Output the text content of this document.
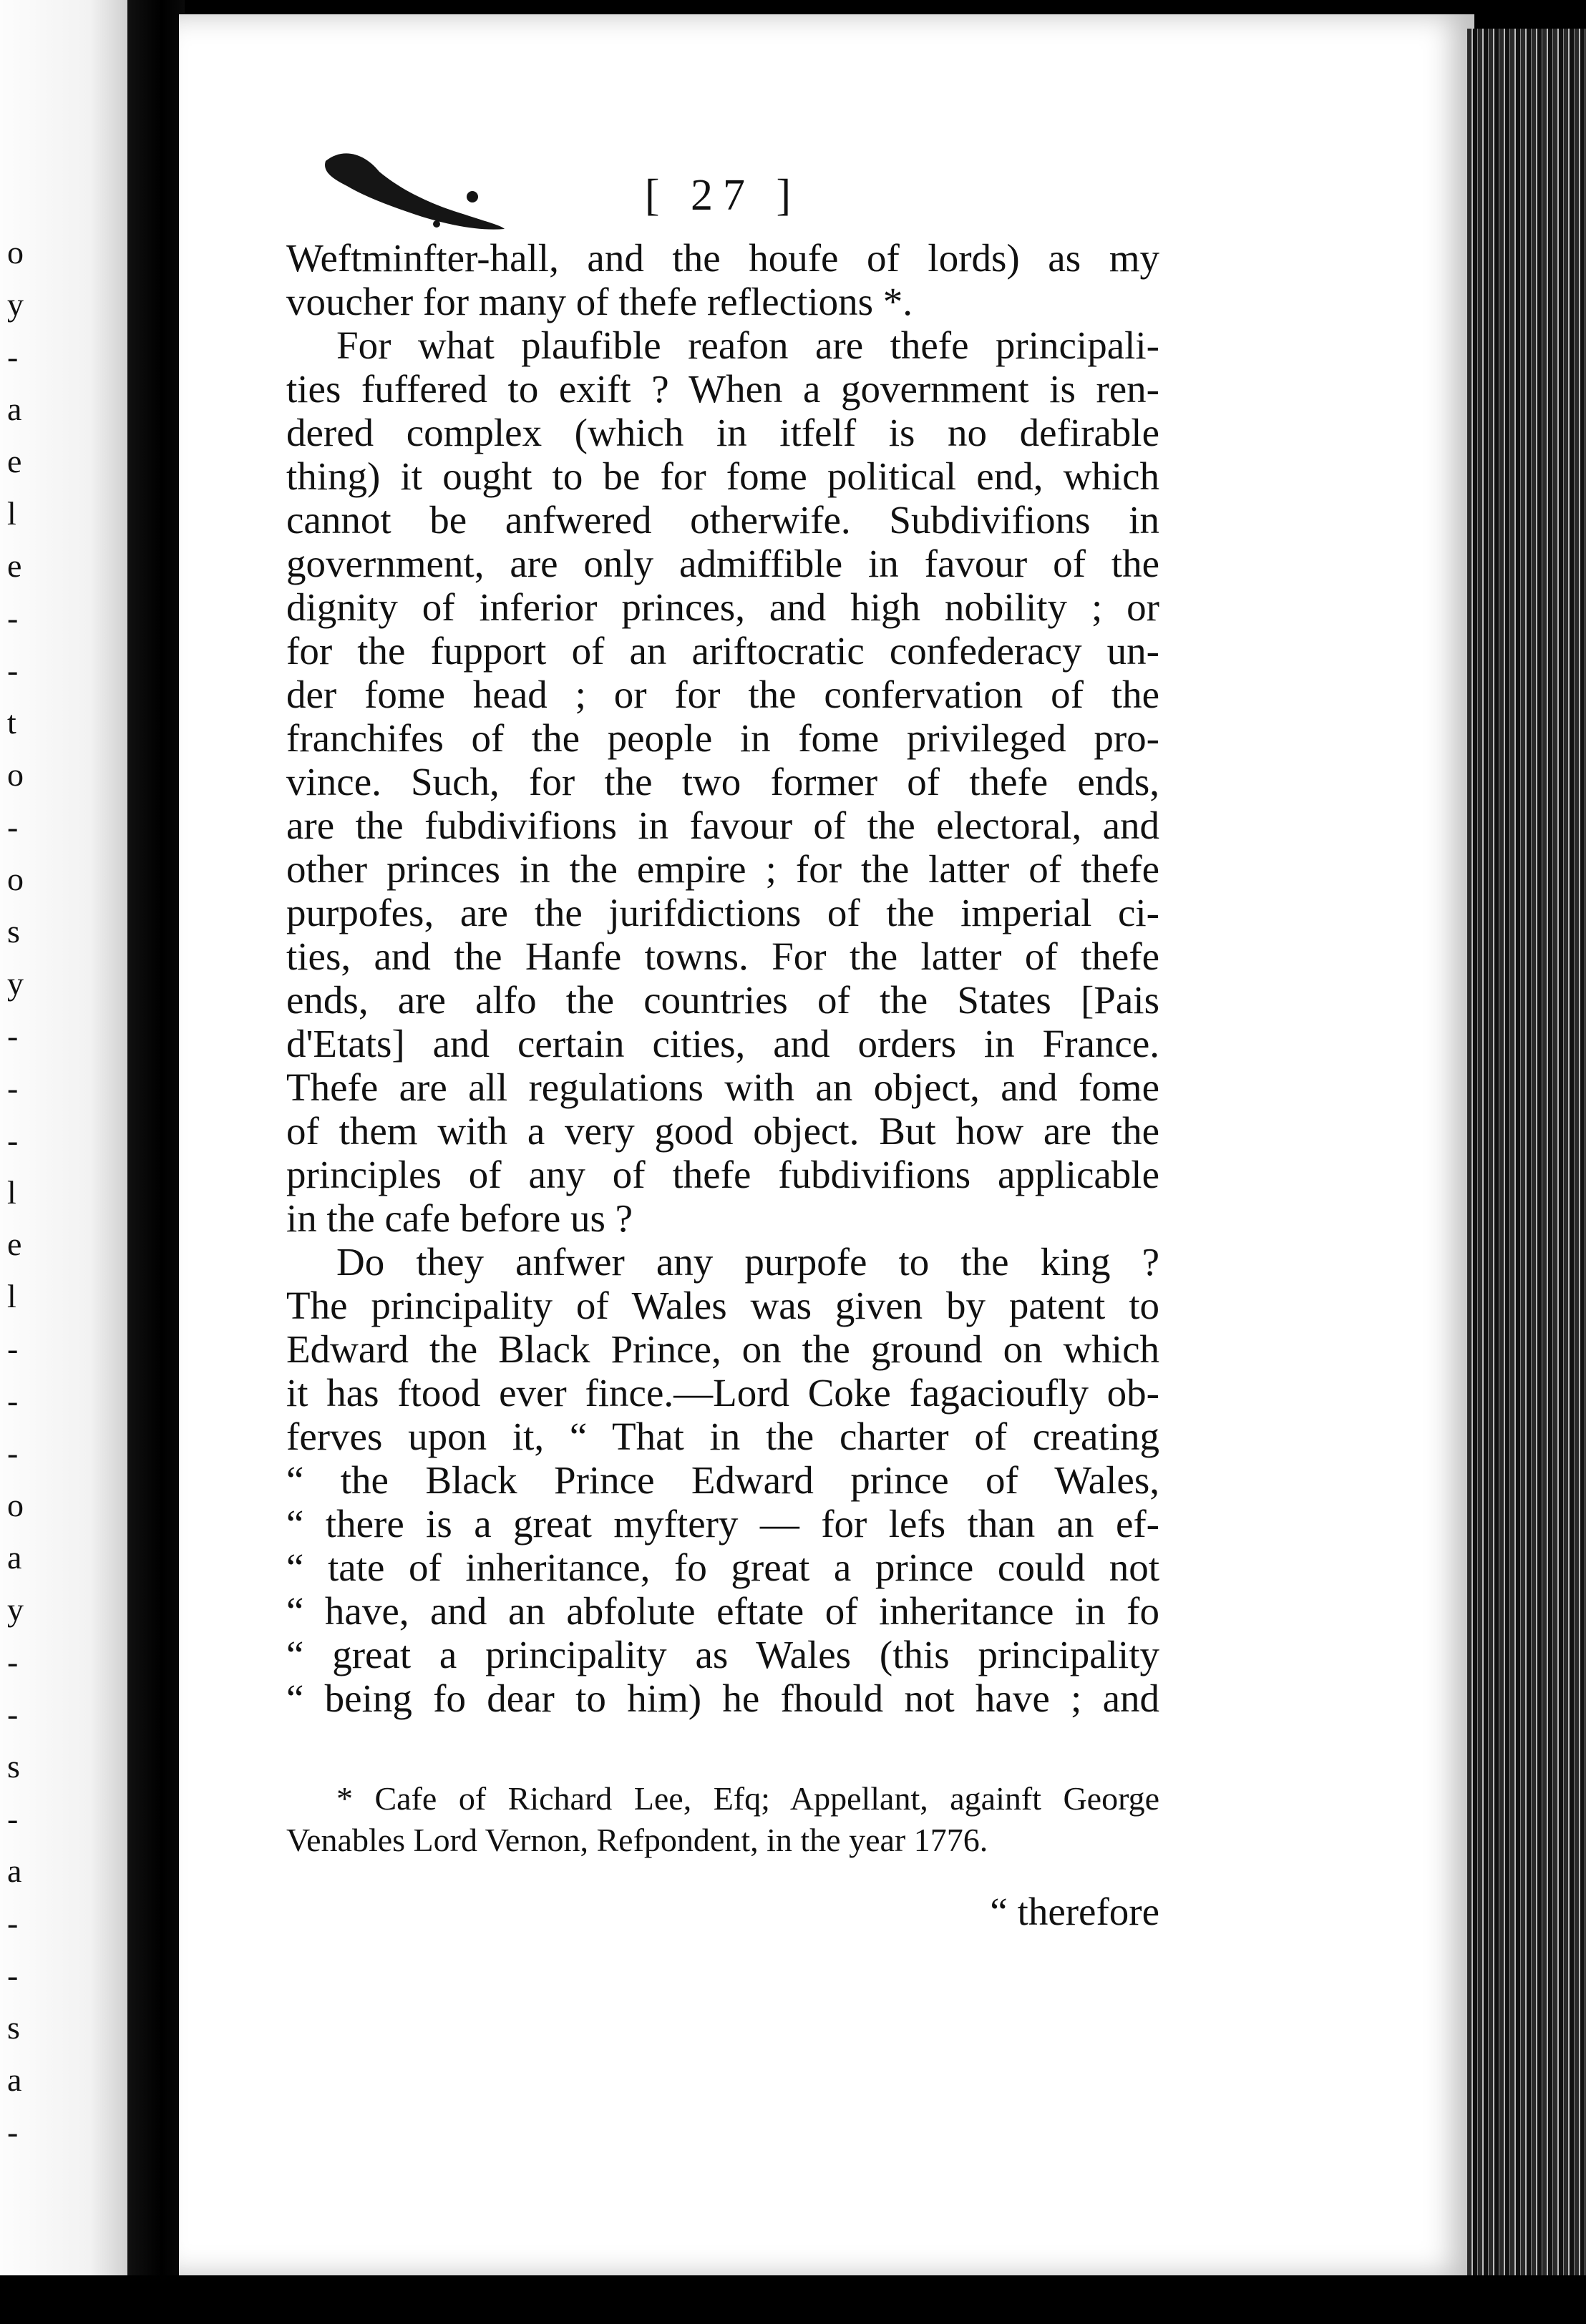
o
y
-
a
e
l
e
-
-
t
o
-
o
s
y
-
-
-
l
e
l
-
-
-
o
a
y
-
-
s
-
a
-
-
s
a
-
[ 27 ]
Weftminfter-hall, and the houfe of lords) as my
voucher for many of thefe reflections *.
For what plaufible reafon are thefe principali-
ties fuffered to exift ? When a government is ren-
dered complex (which in itfelf is no defirable
thing) it ought to be for fome political end, which
cannot be anfwered otherwife. Subdivifions in
government, are only admiffible in favour of the
dignity of inferior princes, and high nobility ; or
for the fupport of an ariftocratic confederacy un-
der fome head ; or for the confervation of the
franchifes of the people in fome privileged pro-
vince. Such, for the two former of thefe ends,
are the fubdivifions in favour of the electoral, and
other princes in the empire ; for the latter of thefe
purpofes, are the jurifdictions of the imperial ci-
ties, and the Hanfe towns. For the latter of thefe
ends, are alfo the countries of the States [Pais
d'Etats] and certain cities, and orders in France.
Thefe are all regulations with an object, and fome
of them with a very good object. But how are the
principles of any of thefe fubdivifions applicable
in the cafe before us ?
Do they anfwer any purpofe to the king ?
The principality of Wales was given by patent to
Edward the Black Prince, on the ground on which
it has ftood ever fince.—Lord Coke fagacioufly ob-
ferves upon it, “ That in the charter of creating
“ the Black Prince Edward prince of Wales,
“ there is a great myftery — for lefs than an ef-
“ tate of inheritance, fo great a prince could not
“ have, and an abfolute eftate of inheritance in fo
“ great a principality as Wales (this principality
“ being fo dear to him) he fhould not have ; and
* Cafe of Richard Lee, Efq; Appellant, againft George
Venables Lord Vernon, Refpondent, in the year 1776.
“ therefore
